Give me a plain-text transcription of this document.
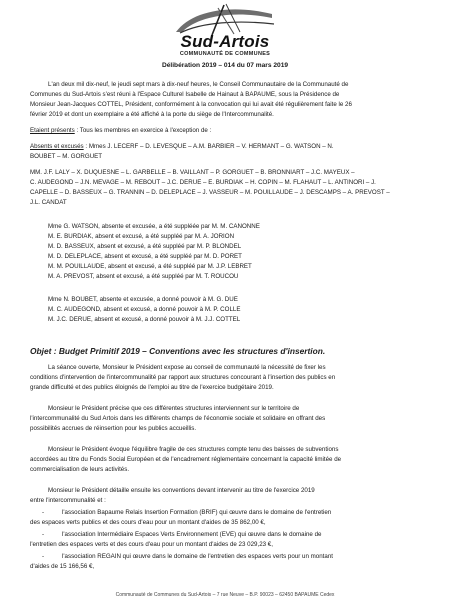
Sud-Artois
COMMUNAUTÉ DE COMMUNES
Délibération 2019 – 014 du 07 mars 2019
L'an deux mil dix-neuf, le jeudi sept mars à dix-neuf heures, le Conseil Communautaire de la Communauté de
Communes du Sud-Artois s'est réuni à l'Espace Culturel Isabelle de Hainaut à BAPAUME, sous la Présidence de
Monsieur Jean-Jacques COTTEL, Président, conformément à la convocation qui lui avait été régulièrement faite le 26
février 2019 et dont un exemplaire a été affiché à la porte du siège de l'Intercommunalité.
Etaient présents : Tous les membres en exercice à l'exception de :
Absents et excusés : Mmes J. LECERF – D. LEVESQUE – A.M. BARBIER – V. HERMANT – G. WATSON – N.
BOUBET – M. GORGUET
MM. J.F. LALY – X. DUQUESNE – L. GARBELLE – B. VAILLANT – P. GORGUET – B. BRONNIART – J.C. MAYEUX –
C. AUDEGOND – J.N. MEVAGE – M. REBOUT – J.C. DERUE – E. BURDIAK – H. COPIN – M. FLAHAUT – L. ANTINORI – J.
CAPELLE – D. BASSEUX – G. TRANNIN – D. DELEPLACE – J. VASSEUR – M. POUILLAUDE – J. DESCAMPS – A. PREVOST –
J.L. CANDAT
Mme G. WATSON, absente et excusée, a été suppléée par M. M. CANONNE
M. E. BURDIAK, absent et excusé, a été suppléé par M. A. JORION
M. D. BASSEUX, absent et excusé, a été suppléé par M. P. BLONDEL
M. D. DELEPLACE, absent et excusé, a été suppléé par M. D. PORET
M. M. POUILLAUDE, absent et excusé, a été suppléé par M. J.P. LEBRET
M. A. PREVOST, absent et excusé, a été suppléé par M. T. ROUCOU
Mme N. BOUBET, absente et excusée, a donné pouvoir à M. G. DUE
M. C. AUDEGOND, absent et excusé, a donné pouvoir à M. P. COLLE
M. J.C. DERUE, absent et excusé, a donné pouvoir à M. J.J. COTTEL
Objet : Budget Primitif 2019 – Conventions avec les structures d'insertion.
La séance ouverte, Monsieur le Président expose au conseil de communauté la nécessité de fixer les
conditions d'intervention de l'intercommunalité par rapport aux structures concourant à l'insertion des publics en
grande difficulté et des publics éloignés de l'emploi au titre de l'exercice budgétaire 2019.
Monsieur le Président précise que ces différentes structures interviennent sur le territoire de
l'intercommunalité du Sud Artois dans les différents champs de l'économie sociale et solidaire en offrant des
possibilités accrues de réinsertion pour les publics accueillis.
Monsieur le Président évoque l'équilibre fragile de ces structures compte tenu des baisses de subventions
accordées au titre du Fonds Social Européen et de l'encadrement réglementaire concernant la capacité limitée de
commercialisation de leurs activités.
Monsieur le Président détaille ensuite les conventions devant intervenir au titre de l'exercice 2019
entre l'intercommunalité et :
-	l'association Bapaume Relais Insertion Formation (BRIF) qui œuvre dans le domaine de l'entretien
des espaces verts publics et des cours d'eau pour un montant d'aides de 35 862,00 €,
-	l'association Intermédiaire Espaces Verts Environnement (EVE) qui œuvre dans le domaine de
l'entretien des espaces verts et des cours d'eau pour un montant d'aides de 23 029,23 €,
-	l'association REGAIN qui œuvre dans le domaine de l'entretien des espaces verts pour un montant
d'aides de 15 166,56 €,
Communauté de Communes du Sud-Artois – 7 rue Neuve – B.P. 90023 – 62450 BAPAUME Cedex
